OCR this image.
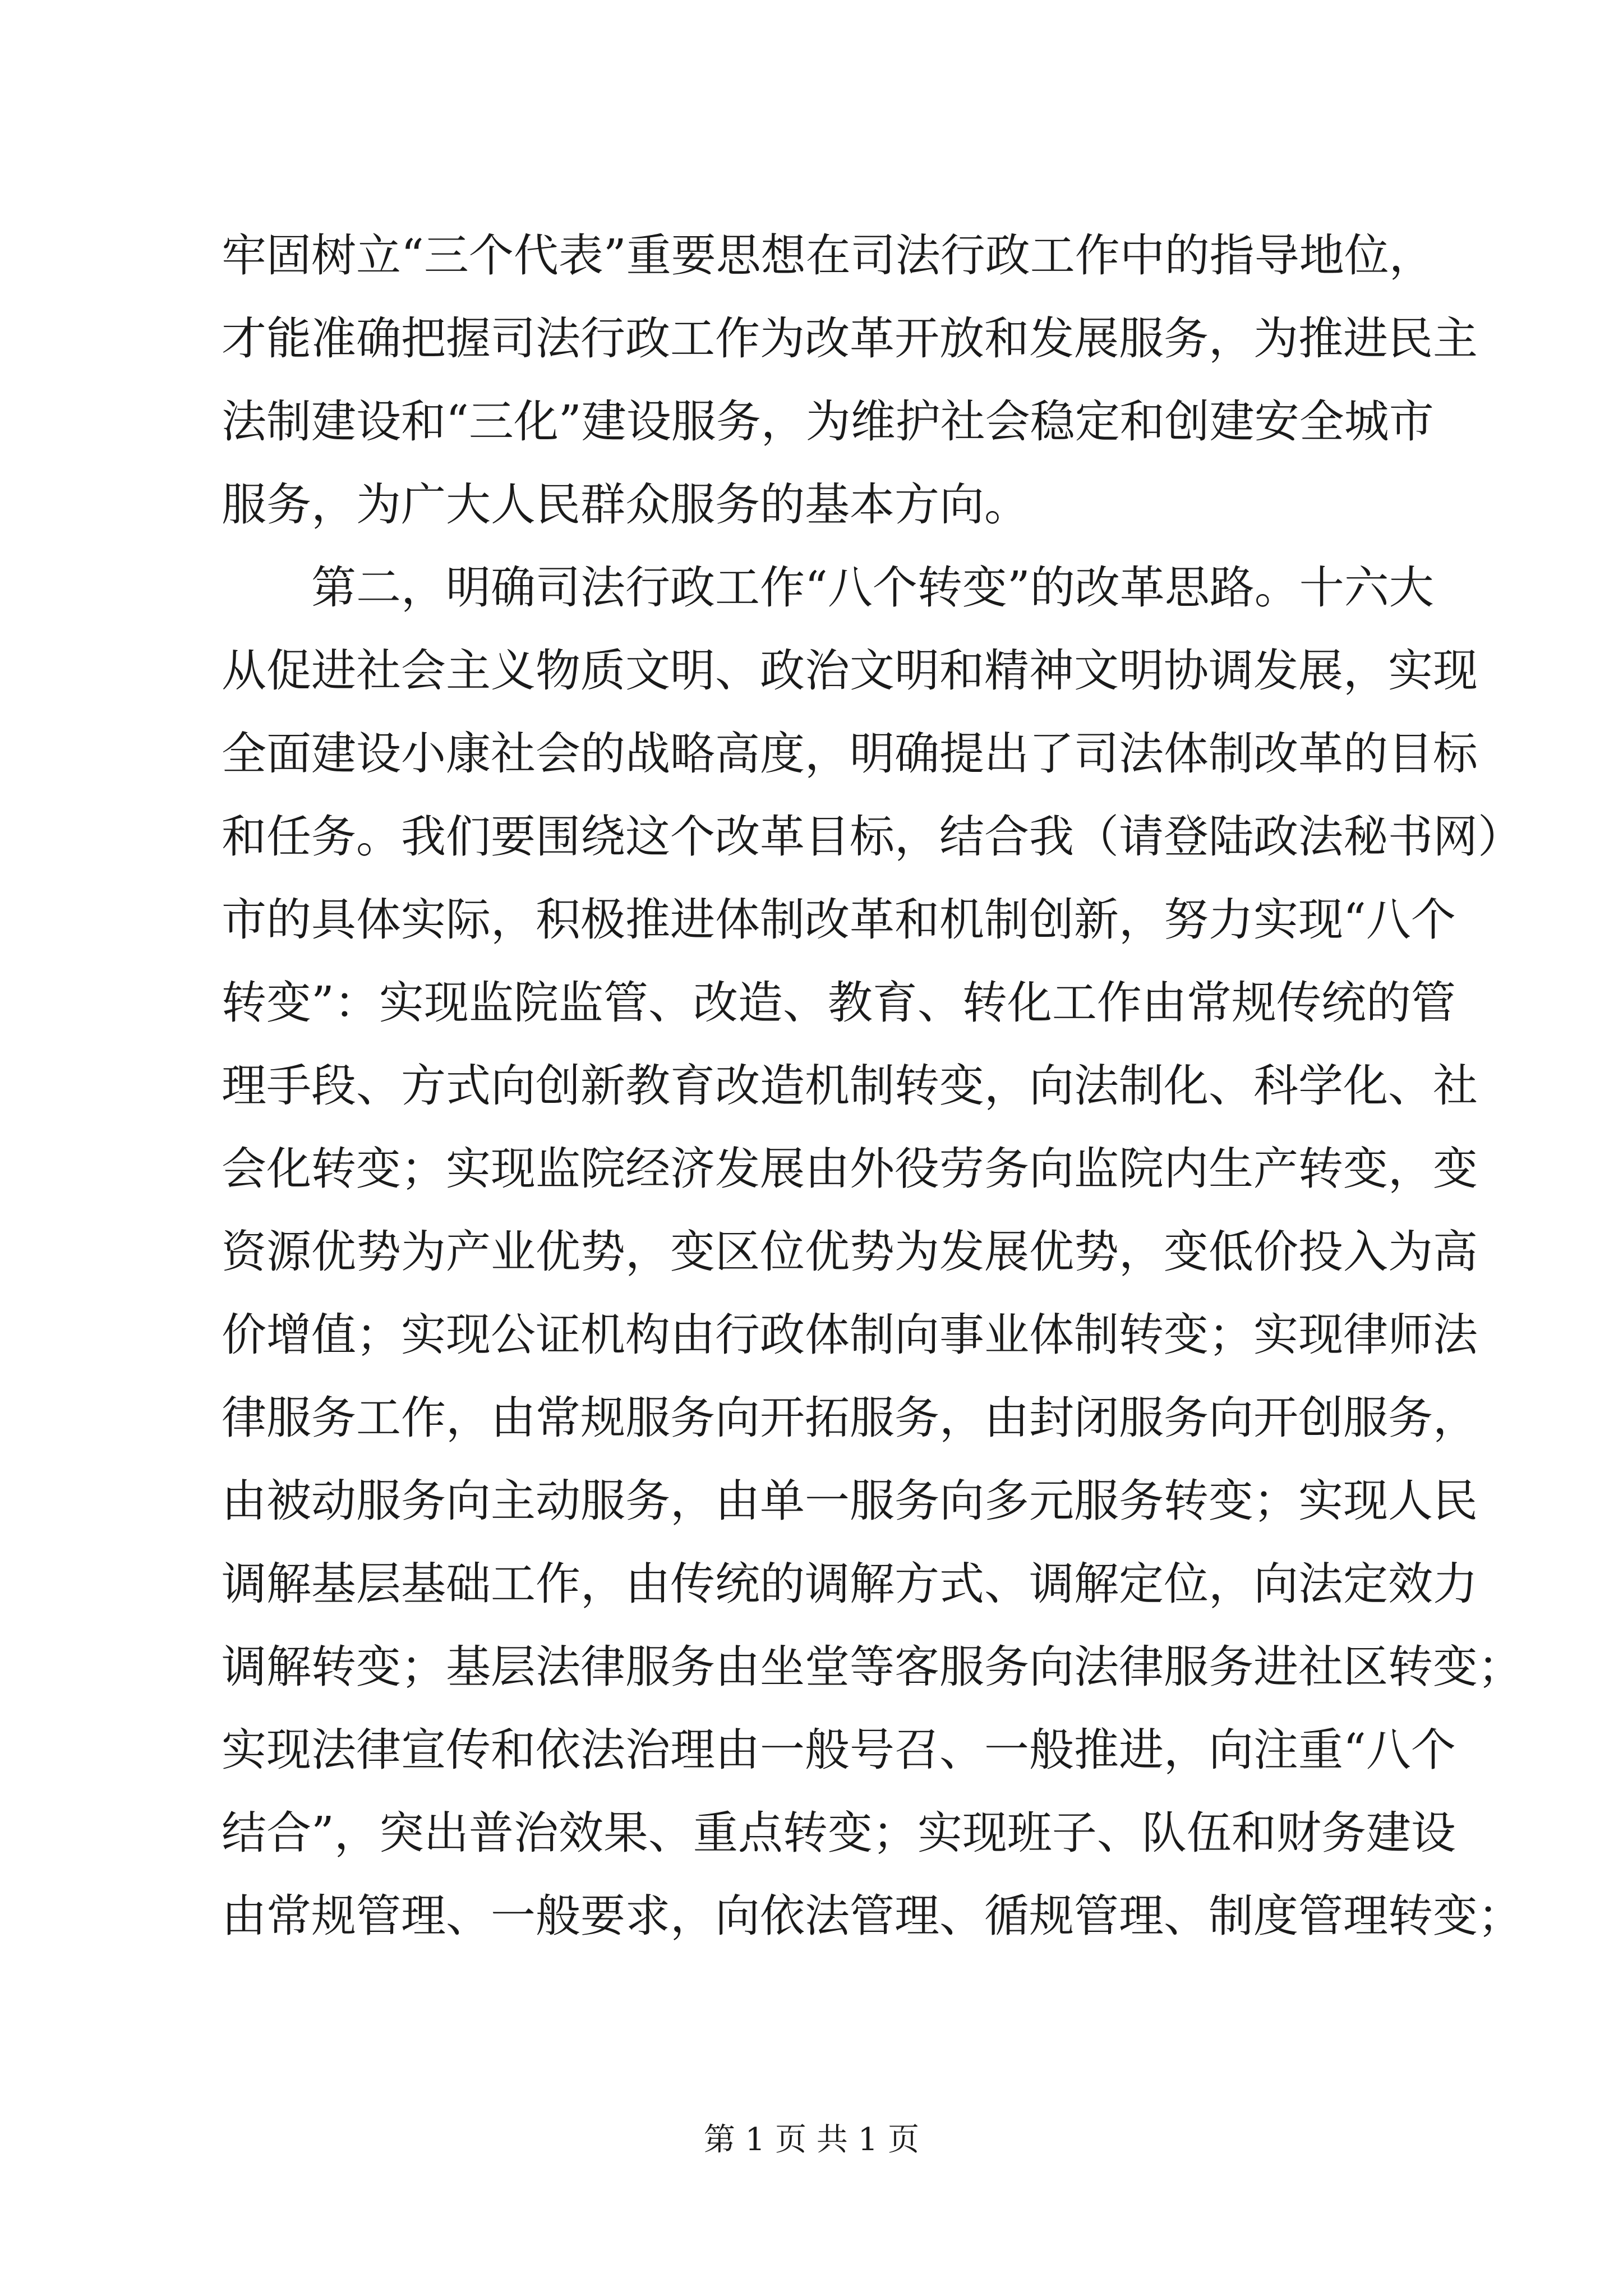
牢固树立“三个代表”重要思想在司法行政工作中的指导地位，
才能准确把握司法行政工作为改革开放和发展服务，为推进民主
法制建设和“三化”建设服务，为维护社会稳定和创建安全城市
服务，为广大人民群众服务的基本方向。
第二，明确司法行政工作“八个转变”的改革思路。十六大
从促进社会主义物质文明、政治文明和精神文明协调发展，实现
全面建设小康社会的战略高度，明确提出了司法体制改革的目标
和任务。我们要围绕这个改革目标，结合我（请登陆政法秘书网）
市的具体实际，积极推进体制改革和机制创新，努力实现“八个
转变”：实现监院监管、改造、教育、转化工作由常规传统的管
理手段、方式向创新教育改造机制转变，向法制化、科学化、社
会化转变；实现监院经济发展由外役劳务向监院内生产转变，变
资源优势为产业优势，变区位优势为发展优势，变低价投入为高
价增值；实现公证机构由行政体制向事业体制转变；实现律师法
律服务工作，由常规服务向开拓服务，由封闭服务向开创服务，
由被动服务向主动服务，由单一服务向多元服务转变；实现人民
调解基层基础工作，由传统的调解方式、调解定位，向法定效力
调解转变；基层法律服务由坐堂等客服务向法律服务进社区转变；
实现法律宣传和依法治理由一般号召、一般推进，向注重“八个
结合”，突出普治效果、重点转变；实现班子、队伍和财务建设
由常规管理、一般要求，向依法管理、循规管理、制度管理转变；
第 1 页 共 1 页
